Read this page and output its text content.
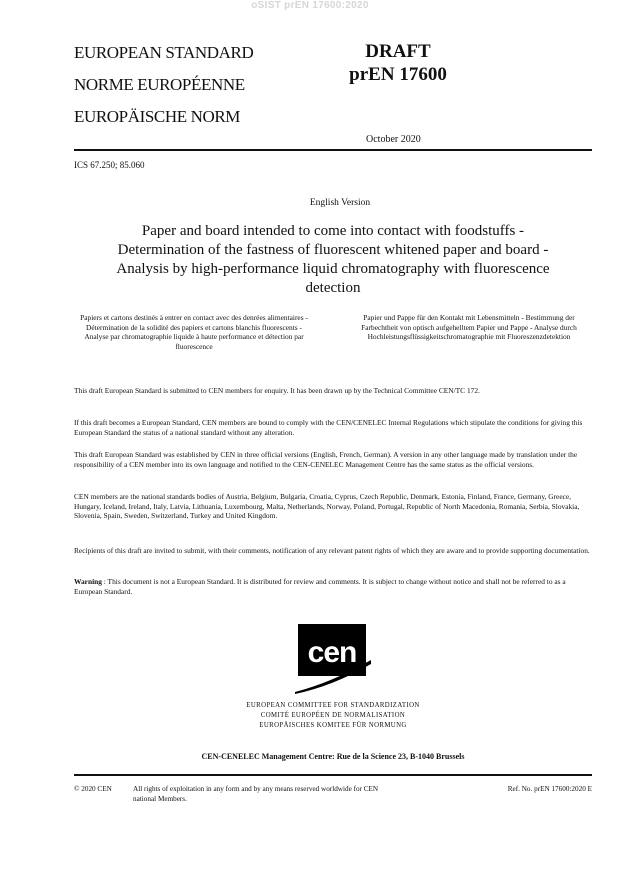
oSIST prEN 17600:2020
EUROPEAN STANDARD
NORME EUROPÉENNE
EUROPÄISCHE NORM
DRAFT
prEN 17600
October 2020
ICS 67.250; 85.060
English Version
Paper and board intended to come into contact with foodstuffs - Determination of the fastness of fluorescent whitened paper and board - Analysis by high-performance liquid chromatography with fluorescence detection
Papiers et cartons destinés à entrer en contact avec des denrées alimentaires - Détermination de la solidité des papiers et cartons blanchis fluorescents - Analyse par chromatographie liquide à haute performance et détection par fluorescence
Papier und Pappe für den Kontakt mit Lebensmitteln - Bestimmung der Farbechtheit von optisch aufgehelltem Papier und Pappe - Analyse durch Hochleistungsflüssigkeitschromatographie mit Fluoreszenzdetektion
This draft European Standard is submitted to CEN members for enquiry. It has been drawn up by the Technical Committee CEN/TC 172.
If this draft becomes a European Standard, CEN members are bound to comply with the CEN/CENELEC Internal Regulations which stipulate the conditions for giving this European Standard the status of a national standard without any alteration.
This draft European Standard was established by CEN in three official versions (English, French, German). A version in any other language made by translation under the responsibility of a CEN member into its own language and notified to the CEN-CENELEC Management Centre has the same status as the official versions.
CEN members are the national standards bodies of Austria, Belgium, Bulgaria, Croatia, Cyprus, Czech Republic, Denmark, Estonia, Finland, France, Germany, Greece, Hungary, Iceland, Ireland, Italy, Latvia, Lithuania, Luxembourg, Malta, Netherlands, Norway, Poland, Portugal, Republic of North Macedonia, Romania, Serbia, Slovakia, Slovenia, Spain, Sweden, Switzerland, Turkey and United Kingdom.
Recipients of this draft are invited to submit, with their comments, notification of any relevant patent rights of which they are aware and to provide supporting documentation.
Warning : This document is not a European Standard. It is distributed for review and comments. It is subject to change without notice and shall not be referred to as a European Standard.
cen
EUROPEAN COMMITTEE FOR STANDARDIZATION
COMITÉ EUROPÉEN DE NORMALISATION
EUROPÄISCHES KOMITEE FÜR NORMUNG
CEN-CENELEC Management Centre: Rue de la Science 23, B-1040 Brussels
© 2020 CEN	All rights of exploitation in any form and by any means reserved worldwide for CEN national Members.
Ref. No. prEN 17600:2020 E
